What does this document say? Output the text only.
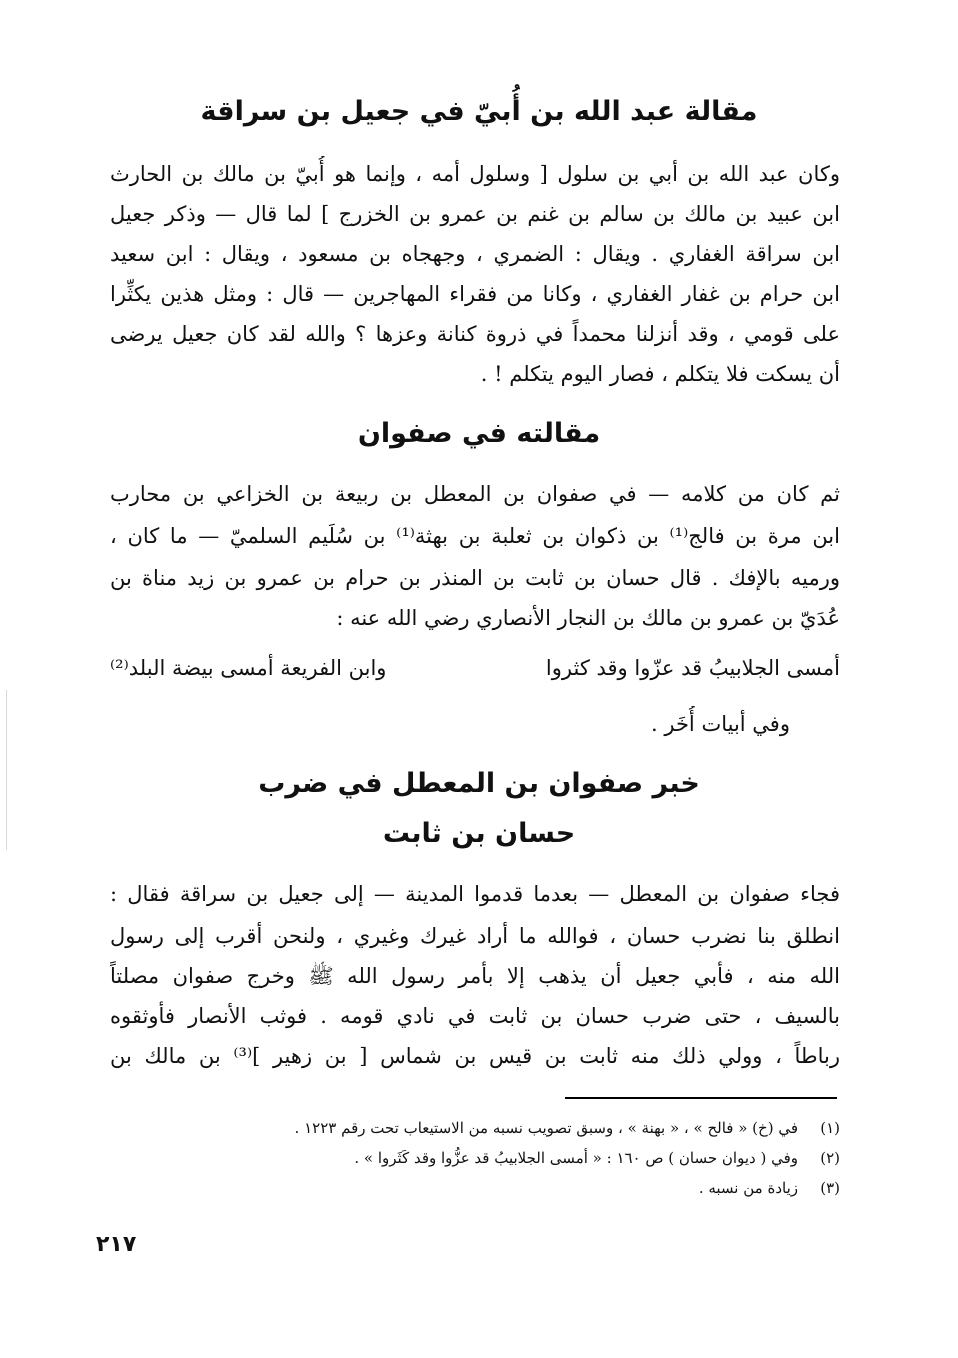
مقالة عبد الله بن أُبيّ في جعيل بن سراقة
وكان عبد الله بن أبي بن سلول [ وسلول أمه ، وإنما هو أُبيّ بن مالك بن الحارث
ابن عبيد بن مالك بن سالم بن غنم بن عمرو بن الخزرج ] لما قال — وذكر جعيل
ابن سراقة الغفاري . ويقال : الضمري ، وجهجاه بن مسعود ، ويقال : ابن سعيد
ابن حرام بن غفار الغفاري ، وكانا من فقراء المهاجرين — قال : ومثل هذين يكثِّرا
على قومي ، وقد أنزلنا محمداً في ذروة كنانة وعزها ؟ والله لقد كان جعيل يرضى
أن يسكت فلا يتكلم ، فصار اليوم يتكلم ! .
مقالته في صفوان
ثم كان من كلامه — في صفوان بن المعطل بن ربيعة بن الخزاعي بن محارب
ابن مرة بن فالج⁽¹⁾ بن ذكوان بن ثعلبة بن بهثة⁽¹⁾ بن سُلَيم السلميّ — ما كان ،
ورميه بالإفك . قال حسان بن ثابت بن المنذر بن حرام بن عمرو بن زيد مناة بن
عُدَيّ بن عمرو بن مالك بن النجار الأنصاري رضي الله عنه :
أمسى الجلابيبُ قد عزّوا وقد كثروا
وابن الفريعة أمسى بيضة البلد⁽²⁾
وفي أبيات أُخَر .
خبر صفوان بن المعطل في ضرب
حسان بن ثابت
فجاء صفوان بن المعطل — بعدما قدموا المدينة — إلى جعيل بن سراقة فقال :
انطلق بنا نضرب حسان ، فوالله ما أراد غيرك وغيري ، ولنحن أقرب إلى رسول
الله منه ، فأبي جعيل أن يذهب إلا بأمر رسول الله ﷺ وخرج صفوان مصلتاً
بالسيف ، حتى ضرب حسان بن ثابت في نادي قومه . فوثب الأنصار فأوثقوه
رباطاً ، وولي ذلك منه ثابت بن قيس بن شماس [ بن زهير ]⁽³⁾ بن مالك بن
(١)في (خ) « فالح » ، « بهنة » ، وسبق تصويب نسبه من الاستيعاب تحت رقم ١٢٢٣ .
(٢)وفي ( ديوان حسان ) ص ١٦٠ : « أمسى الجلابيبُ قد عزُّوا وقد كَثَروا » .
(٣)زيادة من نسبه .
٢١٧
